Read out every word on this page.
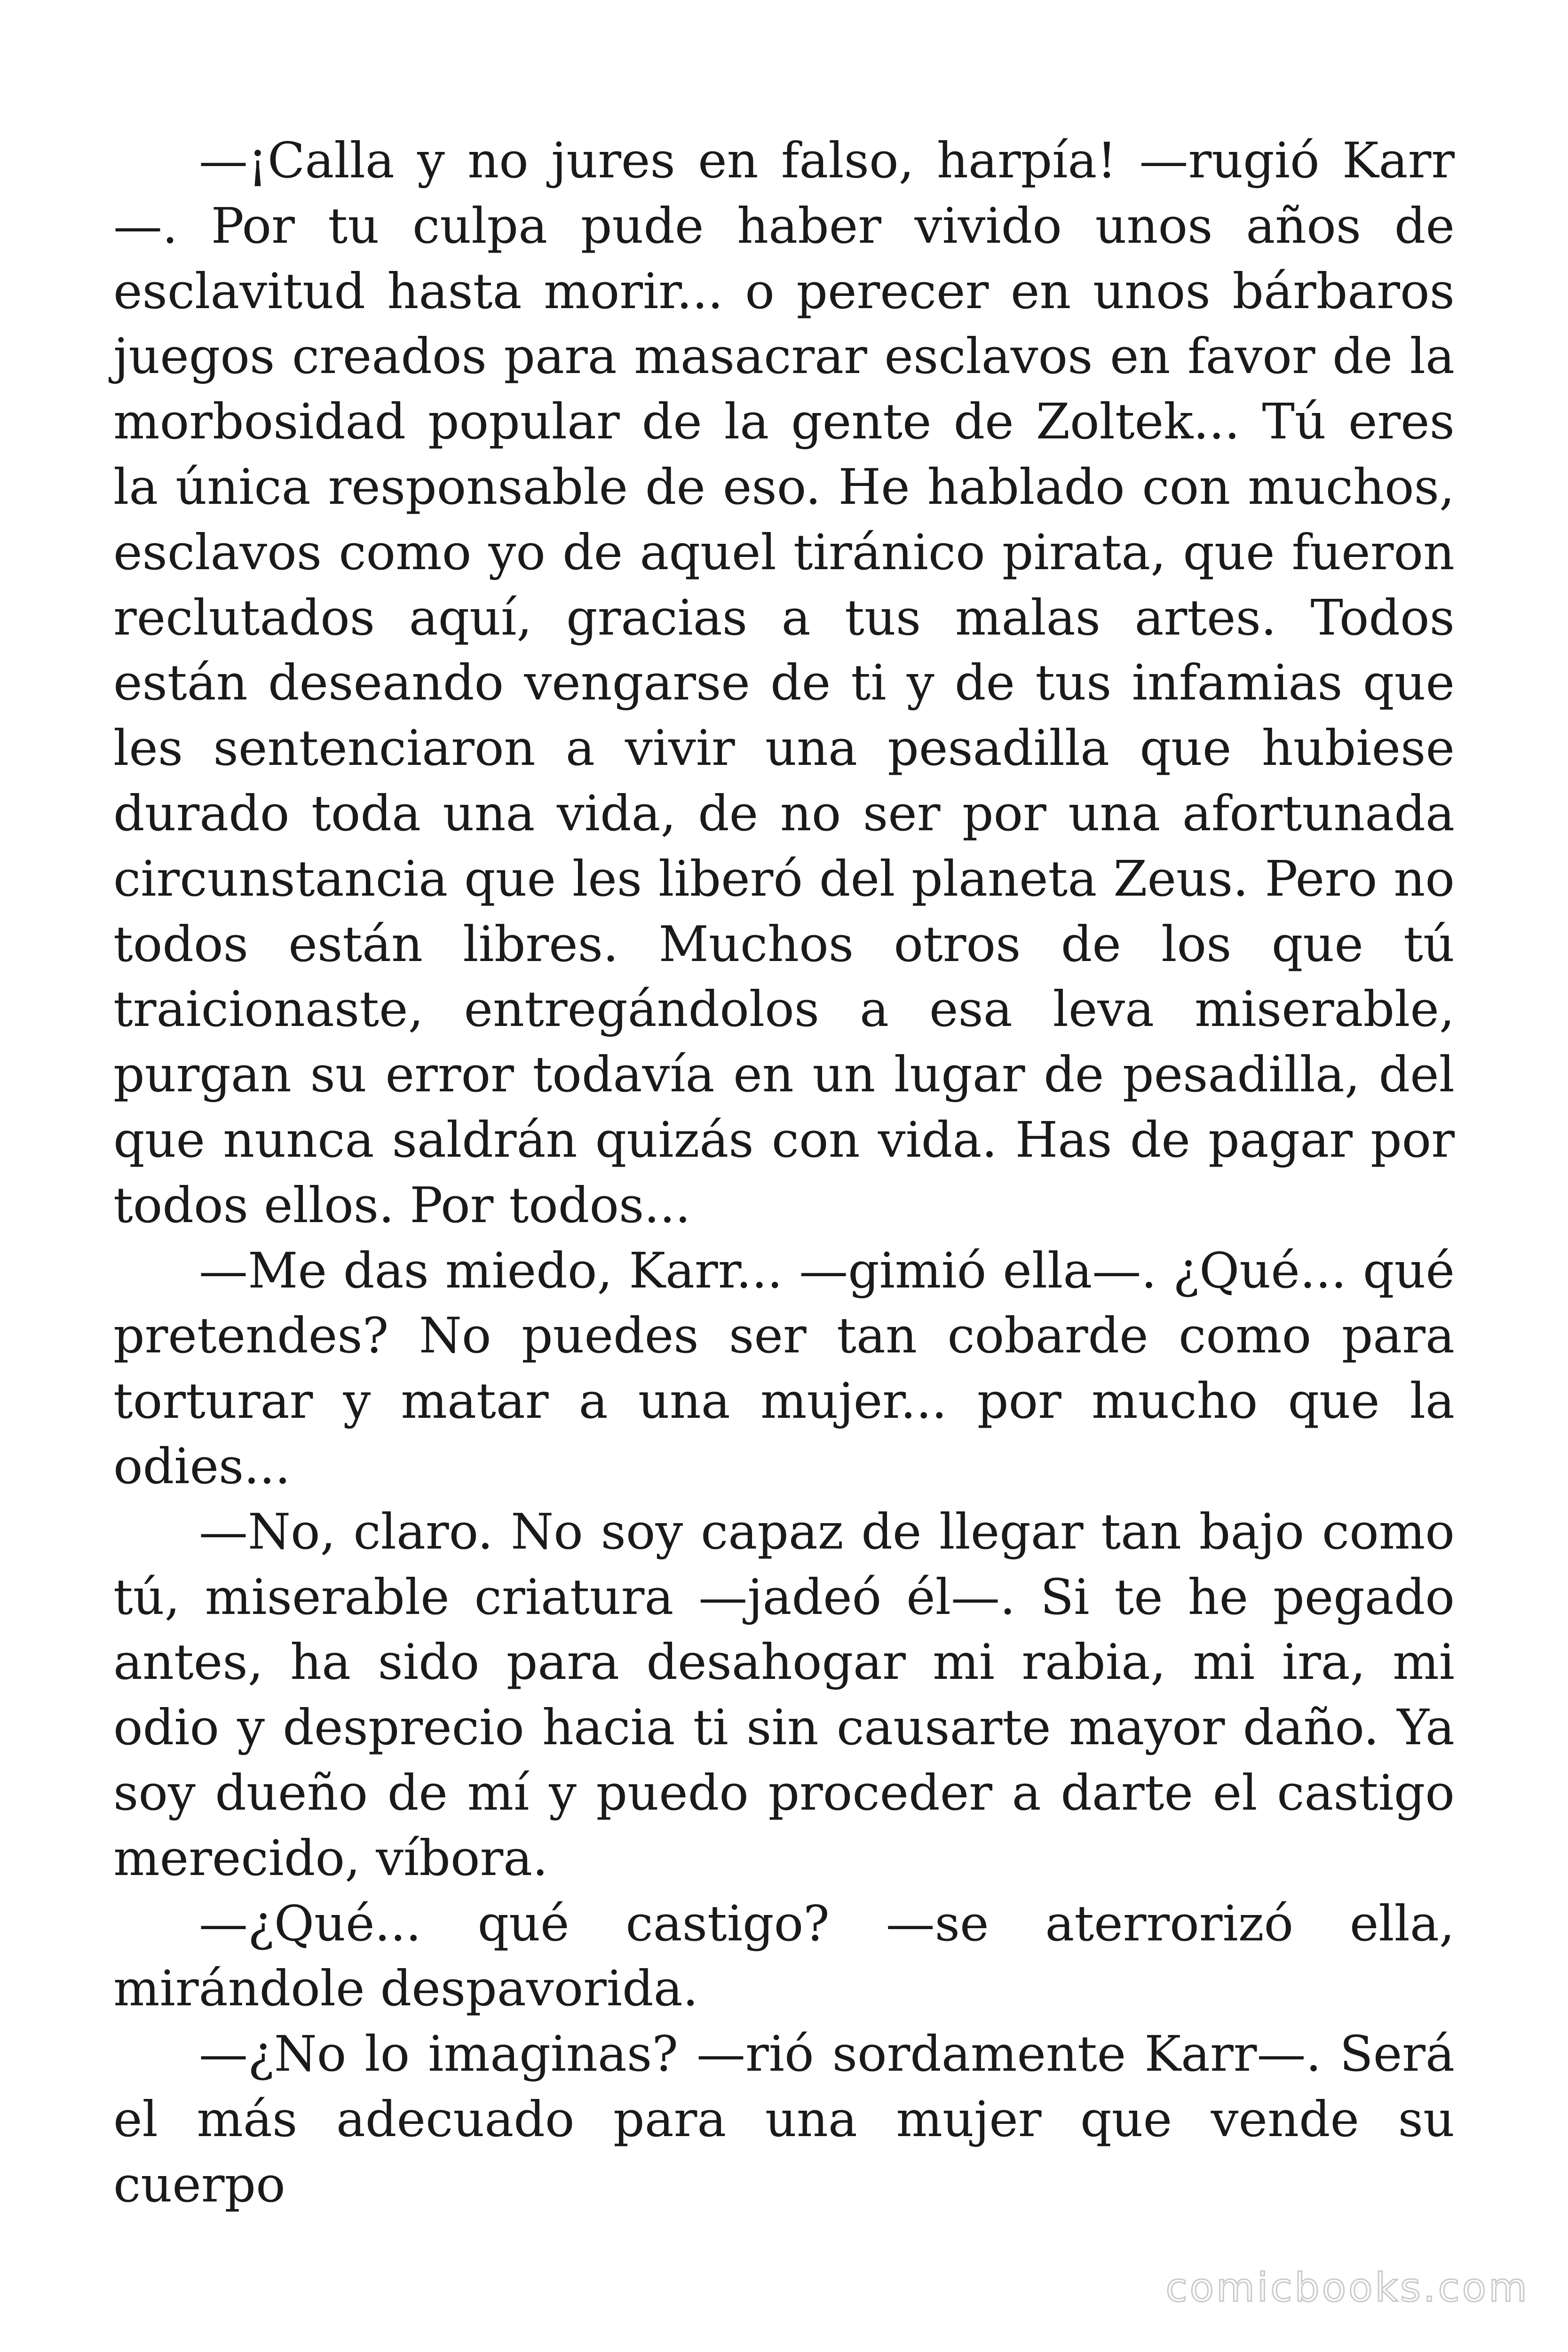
—¡Calla y no jures en falso, harpía! —rugió Karr—. Por tu culpa pude haber vivido unos años de esclavitud hasta morir... o perecer en unos bárbaros juegos creados para masacrar esclavos en favor de la morbosidad popular de la gente de Zoltek... Tú eres la única responsable de eso. He hablado con muchos, esclavos como yo de aquel tiránico pirata, que fueron reclutados aquí, gracias a tus malas artes. Todos están deseando vengarse de ti y de tus infamias que les sentenciaron a vivir una pesadilla que hubiese durado toda una vida, de no ser por una afortunada circunstancia que les liberó del planeta Zeus. Pero no todos están libres. Muchos otros de los que tú traicionaste, entregándolos a esa leva miserable, purgan su error todavía en un lugar de pesadilla, del que nunca saldrán quizás con vida. Has de pagar por todos ellos. Por todos...

—Me das miedo, Karr... —gimió ella—. ¿Qué... qué pretendes? No puedes ser tan cobarde como para torturar y matar a una mujer... por mucho que la odies...

—No, claro. No soy capaz de llegar tan bajo como tú, miserable criatura —jadeó él—. Si te he pegado antes, ha sido para desahogar mi rabia, mi ira, mi odio y desprecio hacia ti sin causarte mayor daño. Ya soy dueño de mí y puedo proceder a darte el castigo merecido, víbora.

—¿Qué... qué castigo? —se aterrorizó ella, mirándole despavorida.

—¿No lo imaginas? —rió sordamente Karr—. Será el más adecuado para una mujer que vende su cuerpo

comicbooks.com
